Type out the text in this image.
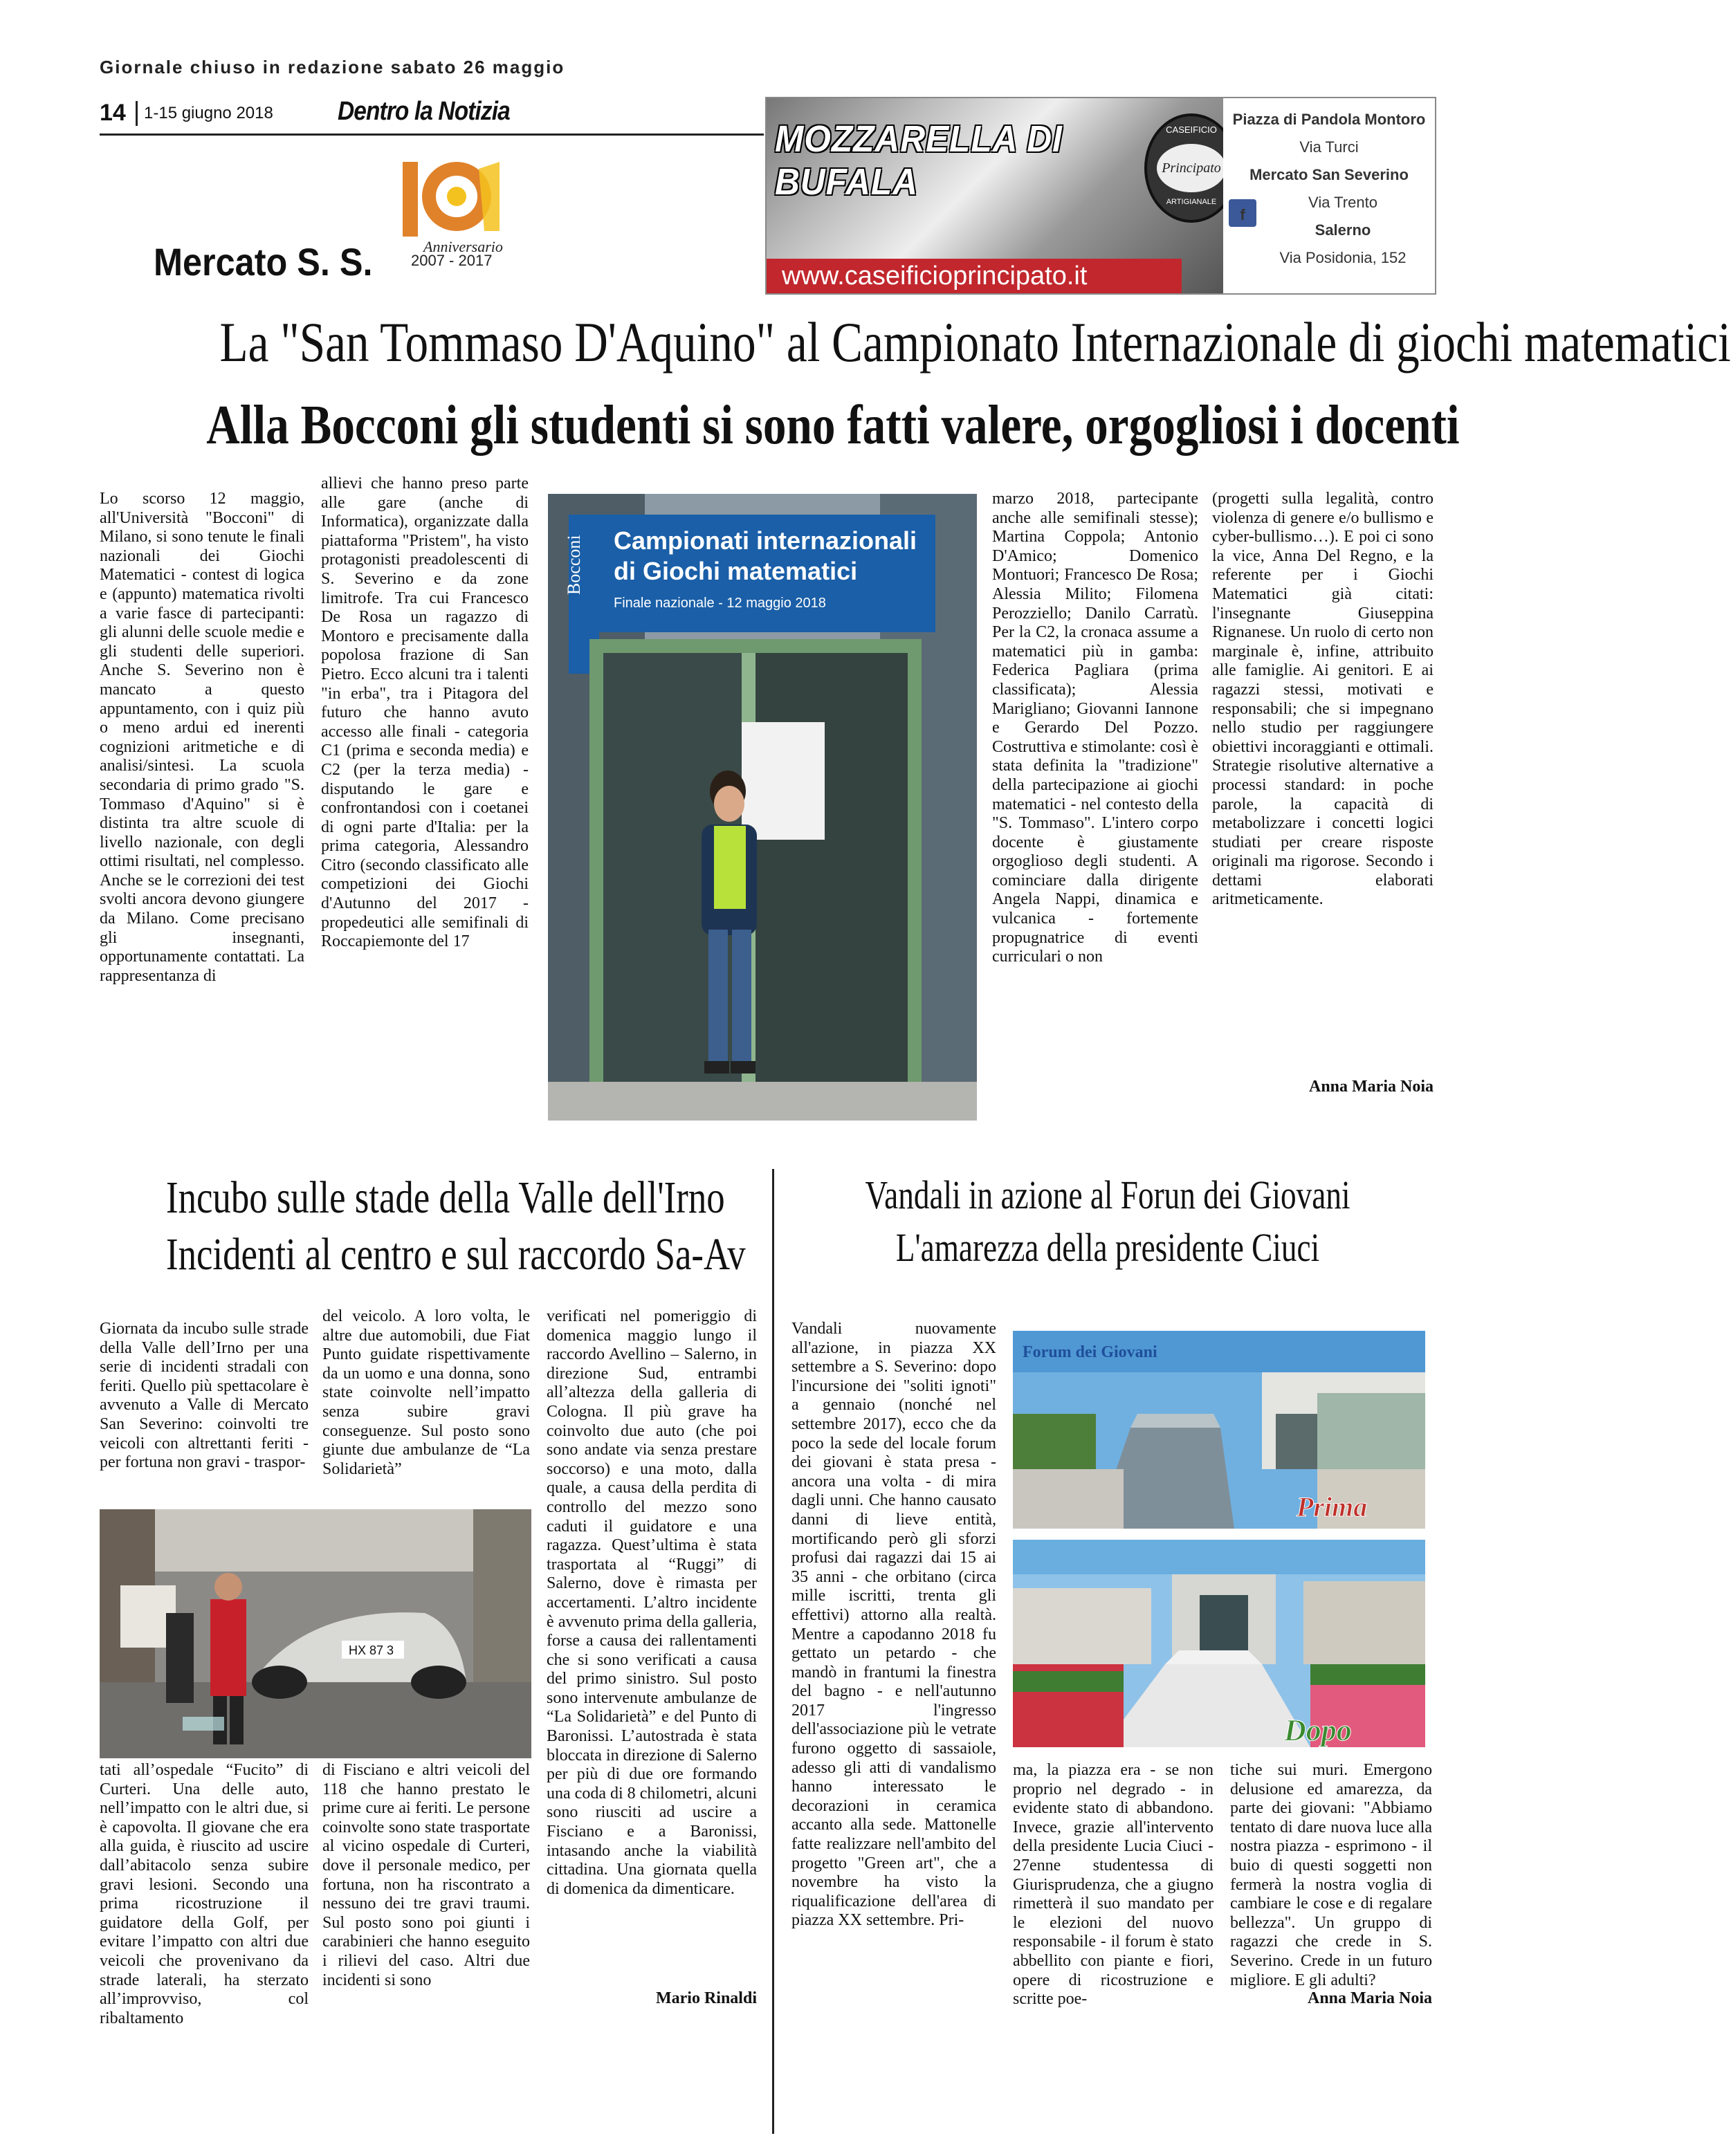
Giornale chiuso in redazione sabato 26 maggio
14 1-15 giugno 2018 Dentro la Notizia
Mercato S. S.	Anniversario
2007 - 2017
MOZZARELLA DI BUFALA
CASEIFICIO
Principato
ARTIGIANALE
www.caseificioprincipato.it
Piazza di Pandola Montoro
Via Turci
Mercato San Severino
Via Trento
Salerno
Via Posidonia, 152
f
La "San Tommaso D'Aquino" al Campionato Internazionale di giochi matematici
Alla Bocconi gli studenti si sono fatti valere, orgogliosi i docenti
Lo scorso 12 maggio, all'Università "Bocconi" di Milano, si sono tenute le finali nazionali dei Giochi Matematici - contest di logica e (appunto) matematica rivolti a varie fasce di partecipanti: gli alunni delle scuole medie e gli studenti delle superiori. Anche S. Severino non è mancato a questo appuntamento, con i quiz più o meno ardui ed inerenti cognizioni aritmetiche e di analisi/sintesi. La scuola secondaria di primo grado "S. Tommaso d'Aquino" si è distinta tra altre scuole di livello nazionale, con degli ottimi risultati, nel complesso. Anche se le correzioni dei test svolti ancora devono giungere da Milano. Come precisano gli insegnanti, opportunamente contattati. La rappresentanza di
allievi che hanno preso parte alle gare (anche di Informatica), organizzate dalla piattaforma "Pristem", ha visto protagonisti preadolescenti di S. Severino e da zone limitrofe. Tra cui Francesco De Rosa un ragazzo di Montoro e precisamente dalla popolosa frazione di San Pietro. Ecco alcuni tra i talenti "in erba", tra i Pitagora del futuro che hanno avuto accesso alle finali - categoria C1 (prima e seconda media) e C2 (per la terza media) - disputando le gare e confrontandosi con i coetanei di ogni parte d'Italia: per la prima categoria, Alessandro Citro (secondo classificato alle competizioni dei Giochi d'Autunno del 2017 - propedeutici alle semifinali di Roccapiemonte del 17
Bocconi Campionati internazionali
di Giochi matematici
Finale nazionale - 12 maggio 2018
marzo 2018, partecipante anche alle semifinali stesse); Martina Coppola; Antonio D'Amico; Domenico Montuori; Francesco De Rosa; Alessia Milito; Filomena Perozziello; Danilo Carratù. Per la C2, la cronaca assume a matematici più in gamba: Federica Pagliara (prima classificata); Alessia Marigliano; Giovanni Iannone e Gerardo Del Pozzo. Costruttiva e stimolante: così è stata definita la "tradizione" della partecipazione ai giochi matematici - nel contesto della "S. Tommaso". L'intero corpo docente è giustamente orgoglioso degli studenti. A cominciare dalla dirigente Angela Nappi, dinamica e vulcanica - fortemente propugnatrice di eventi curriculari o non
(progetti sulla legalità, contro violenza di genere e/o bullismo e cyber-bullismo…). E poi ci sono la vice, Anna Del Regno, e la referente per i Giochi Matematici già citati: l'insegnante Giuseppina Rignanese. Un ruolo di certo non marginale è, infine, attribuito alle famiglie. Ai genitori. E ai ragazzi stessi, motivati e responsabili; che si impegnano nello studio per raggiungere obiettivi incoraggianti e ottimali. Strategie risolutive alternative a processi standard: in poche parole, la capacità di metabolizzare i concetti logici studiati per creare risposte originali ma rigorose. Secondo i dettami elaborati aritmeticamente.
Anna Maria Noia
Incubo sulle stade della Valle dell'Irno
Incidenti al centro e sul raccordo Sa-Av
Giornata da incubo sulle strade della Valle dell’Irno per una serie di incidenti stradali con feriti. Quello più spettacolare è avvenuto a Valle di Mercato San Severino: coinvolti tre veicoli con altrettanti feriti - per fortuna non gravi - traspor-
del veicolo. A loro volta, le altre due automobili, due Fiat Punto guidate rispettivamente da un uomo e una donna, sono state coinvolte nell’impatto senza subire gravi conseguenze. Sul posto sono giunte due ambulanze de “La Solidarietà”
HX 87 3
tati all’ospedale “Fucito” di Curteri. Una delle auto, nell’impatto con le altri due, si è capovolta. Il giovane che era alla guida, è riuscito ad uscire dall’abitacolo senza subire gravi lesioni. Secondo una prima ricostruzione il guidatore della Golf, per evitare l’impatto con altri due veicoli che provenivano da strade laterali, ha sterzato all’improvviso, col ribaltamento
di Fisciano e altri veicoli del 118 che hanno prestato le prime cure ai feriti. Le persone coinvolte sono state trasportate al vicino ospedale di Curteri, dove il personale medico, per fortuna, non ha riscontrato a nessuno dei tre gravi traumi. Sul posto sono poi giunti i carabinieri che hanno eseguito i rilievi del caso. Altri due incidenti si sono
verificati nel pomeriggio di domenica maggio lungo il raccordo Avellino – Salerno, in direzione Sud, entrambi all’altezza della galleria di Cologna. Il più grave ha coinvolto due auto (che poi sono andate via senza prestare soccorso) e una moto, dalla quale, a causa della perdita di controllo del mezzo sono caduti il guidatore e una ragazza. Quest’ultima è stata trasportata al “Ruggi” di Salerno, dove è rimasta per accertamenti. L’altro incidente è avvenuto prima della galleria, forse a causa dei rallentamenti che si sono verificati a causa del primo sinistro. Sul posto sono intervenute ambulanze de “La Solidarietà” e del Punto di Baronissi. L’autostrada è stata bloccata in direzione di Salerno per più di due ore formando una coda di 8 chilometri, alcuni sono riusciti ad uscire a Fisciano e a Baronissi, intasando anche la viabilità cittadina. Una giornata quella di domenica da dimenticare.
Mario Rinaldi
Vandali in azione al Forun dei Giovani
L'amarezza della presidente Ciuci
Vandali nuovamente all'azione, in piazza XX settembre a S. Severino: dopo l'incursione dei "soliti ignoti" a gennaio (nonché nel settembre 2017), ecco che da poco la sede del locale forum dei giovani è stata presa - ancora una volta - di mira dagli unni. Che hanno causato danni di lieve entità, mortificando però gli sforzi profusi dai ragazzi dai 15 ai 35 anni - che orbitano (circa mille iscritti, trenta gli effettivi) attorno alla realtà. Mentre a capodanno 2018 fu gettato un petardo - che mandò in frantumi la finestra del bagno - e nell'autunno 2017 l'ingresso dell'associazione più le vetrate furono oggetto di sassaiole, adesso gli atti di vandalismo hanno interessato le decorazioni in ceramica accanto alla sede. Mattonelle fatte realizzare nell'ambito del progetto "Green art", che a novembre ha visto la riqualificazione dell'area di piazza XX settembre. Pri-
Forum dei Giovani
Prima
Dopo
ma, la piazza era - se non proprio nel degrado - in evidente stato di abbandono. Invece, grazie all'intervento della presidente Lucia Ciuci - 27enne studentessa di Giurisprudenza, che a giugno rimetterà il suo mandato per le elezioni del nuovo responsabile - il forum è stato abbellito con piante e fiori, opere di ricostruzione e scritte poe-
tiche sui muri. Emergono delusione ed amarezza, da parte dei giovani: "Abbiamo tentato di dare nuova luce alla nostra piazza - esprimono - il buio di questi soggetti non fermerà la nostra voglia di cambiare le cose e di regalare bellezza". Un gruppo di ragazzi che crede in S. Severino. Crede in un futuro migliore. E gli adulti?
Anna Maria Noia
